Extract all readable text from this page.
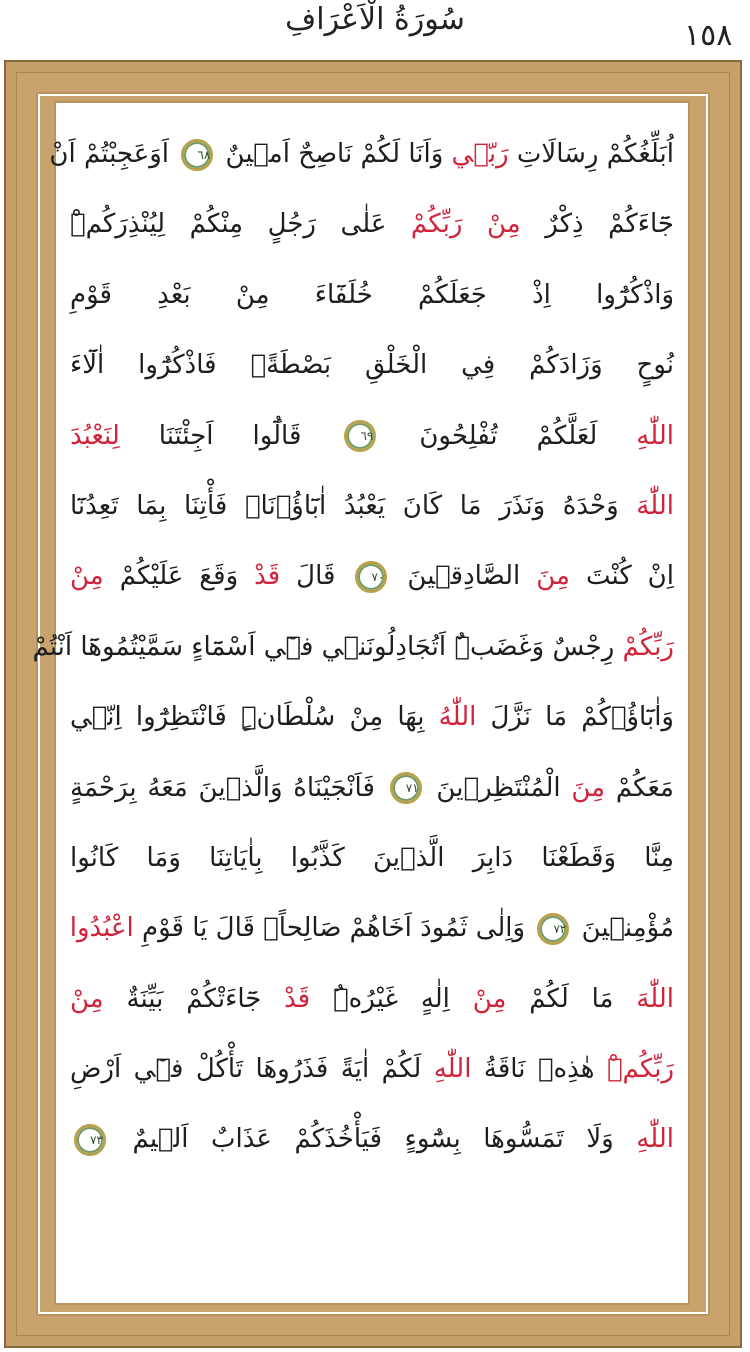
سُورَةُ الْاَعْرَافِ	١٥٨
اُبَلِّغُكُمْ رِسَالَاتِ رَبّ۪ي وَاَنَا لَكُمْ نَاصِحٌ اَم۪ينٌ ٦٨ اَوَعَجِبْتُمْ اَنْ
جَٓاءَكُمْ ذِكْرٌ مِنْ رَبِّكُمْ عَلٰى رَجُلٍ مِنْكُمْ لِيُنْذِرَكُمْۜ
وَاذْكُرُٓوا اِذْ جَعَلَكُمْ خُلَفَٓاءَ مِنْ بَعْدِ قَوْمِ
نُوحٍ وَزَادَكُمْ فِي الْخَلْقِ بَصْطَةًۚ فَاذْكُرُٓوا اٰلَٓاءَ
اللّٰهِ لَعَلَّكُمْ تُفْلِحُونَ ٦٩ قَالُٓوا اَجِئْتَنَا لِنَعْبُدَ
اللّٰهَ وَحْدَهُ وَنَذَرَ مَا كَانَ يَعْبُدُ اٰبَٓاؤُ۬نَاۚ فَأْتِنَا بِمَا تَعِدُنَٓا
اِنْ كُنْتَ مِنَ الصَّادِق۪ينَ ٧٠ قَالَ قَدْ وَقَعَ عَلَيْكُمْ مِنْ
رَبِّكُمْ رِجْسٌ وَغَضَبٌۜ اَتُجَادِلُونَن۪ي ف۪ٓي اَسْمَٓاءٍ سَمَّيْتُمُوهَٓا اَنْتُمْ
وَاٰبَٓاؤُ۬كُمْ مَا نَزَّلَ اللّٰهُ بِهَا مِنْ سُلْطَانٍۜ فَانْتَظِرُٓوا اِنّ۪ي
مَعَكُمْ مِنَ الْمُنْتَظِر۪ينَ ٧١ فَاَنْجَيْنَاهُ وَالَّذ۪ينَ مَعَهُ بِرَحْمَةٍ
مِنَّا وَقَطَعْنَا دَابِرَ الَّذ۪ينَ كَذَّبُوا بِاٰيَاتِنَا وَمَا كَانُوا
مُؤْمِن۪ينَ ٧٢ وَاِلٰى ثَمُودَ اَخَاهُمْ صَالِحاًۢ قَالَ يَا قَوْمِ اعْبُدُوا
اللّٰهَ مَا لَكُمْ مِنْ اِلٰهٍ غَيْرُهُۜ قَدْ جَٓاءَتْكُمْ بَيِّنَةٌ مِنْ
رَبِّكُمْۜ هٰذِه۪ نَاقَةُ اللّٰهِ لَكُمْ اٰيَةً فَذَرُوهَا تَأْكُلْ ف۪ٓي اَرْضِ
اللّٰهِ وَلَا تَمَسُّوهَا بِسُٓوءٍ فَيَأْخُذَكُمْ عَذَابٌ اَل۪يمٌ ٧٣
